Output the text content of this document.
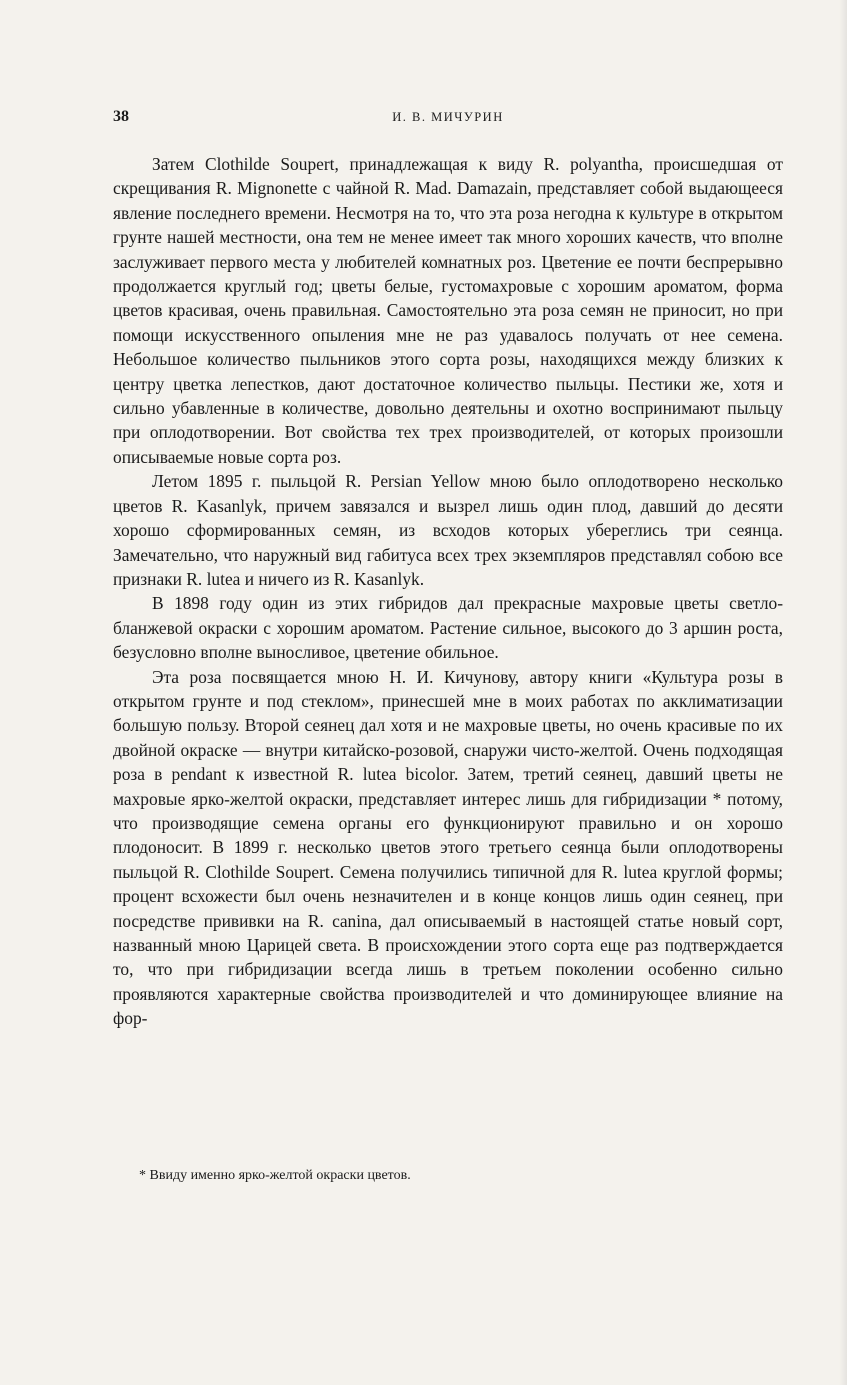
38	И. В. МИЧУРИН

Затем Clothilde Soupert, принадлежащая к виду R. polyantha, происшедшая от скрещивания R. Mignonette с чайной R. Mad. Damazain, представляет собой выдающееся явление последнего времени. Несмотря на то, что эта роза негодна к культуре в открытом грунте нашей местности, она тем не менее имеет так много хороших качеств, что вполне заслуживает первого места у любителей комнатных роз. Цветение ее почти беспрерывно продолжается круглый год; цветы белые, густомахровые с хорошим ароматом, форма цветов красивая, очень правильная. Самостоятельно эта роза семян не приносит, но при помощи искусственного опыления мне не раз удавалось получать от нее семена. Небольшое количество пыльников этого сорта розы, находящихся между близких к центру цветка лепестков, дают достаточное количество пыльцы. Пестики же, хотя и сильно убавленные в количестве, довольно деятельны и охотно воспринимают пыльцу при оплодотворении. Вот свойства тех трех производителей, от которых произошли описываемые новые сорта роз.

Летом 1895 г. пыльцой R. Persian Yellow мною было оплодотворено несколько цветов R. Kasanlyk, причем завязался и вызрел лишь один плод, давший до десяти хорошо сформированных семян, из всходов которых убереглись три сеянца. Замечательно, что наружный вид габитуса всех трех экземпляров представлял собою все признаки R. lutea и ничего из R. Kasanlyk.

В 1898 году один из этих гибридов дал прекрасные махровые цветы светло-бланжевой окраски с хорошим ароматом. Растение сильное, высокого до 3 аршин роста, безусловно вполне выносливое, цветение обильное.

Эта роза посвящается мною Н. И. Кичунову, автору книги «Культура розы в открытом грунте и под стеклом», принесшей мне в моих работах по акклиматизации большую пользу. Второй сеянец дал хотя и не махровые цветы, но очень красивые по их двойной окраске — внутри китайско-розовой, снаружи чисто-желтой. Очень подходящая роза в pendant к известной R. lutea bicolor. Затем, третий сеянец, давший цветы не махровые ярко-желтой окраски, представляет интерес лишь для гибридизации * потому, что производящие семена органы его функционируют правильно и он хорошо плодоносит. В 1899 г. несколько цветов этого третьего сеянца были оплодотворены пыльцой R. Clothilde Soupert. Семена получились типичной для R. lutea круглой формы; процент всхожести был очень незначителен и в конце концов лишь один сеянец, при посредстве прививки на R. canina, дал описываемый в настоящей статье новый сорт, названный мною Царицей света. В происхождении этого сорта еще раз подтверждается то, что при гибридизации всегда лишь в третьем поколении особенно сильно проявляются характерные свойства производителей и что доминирующее влияние на фор-

* Ввиду именно ярко-желтой окраски цветов.
